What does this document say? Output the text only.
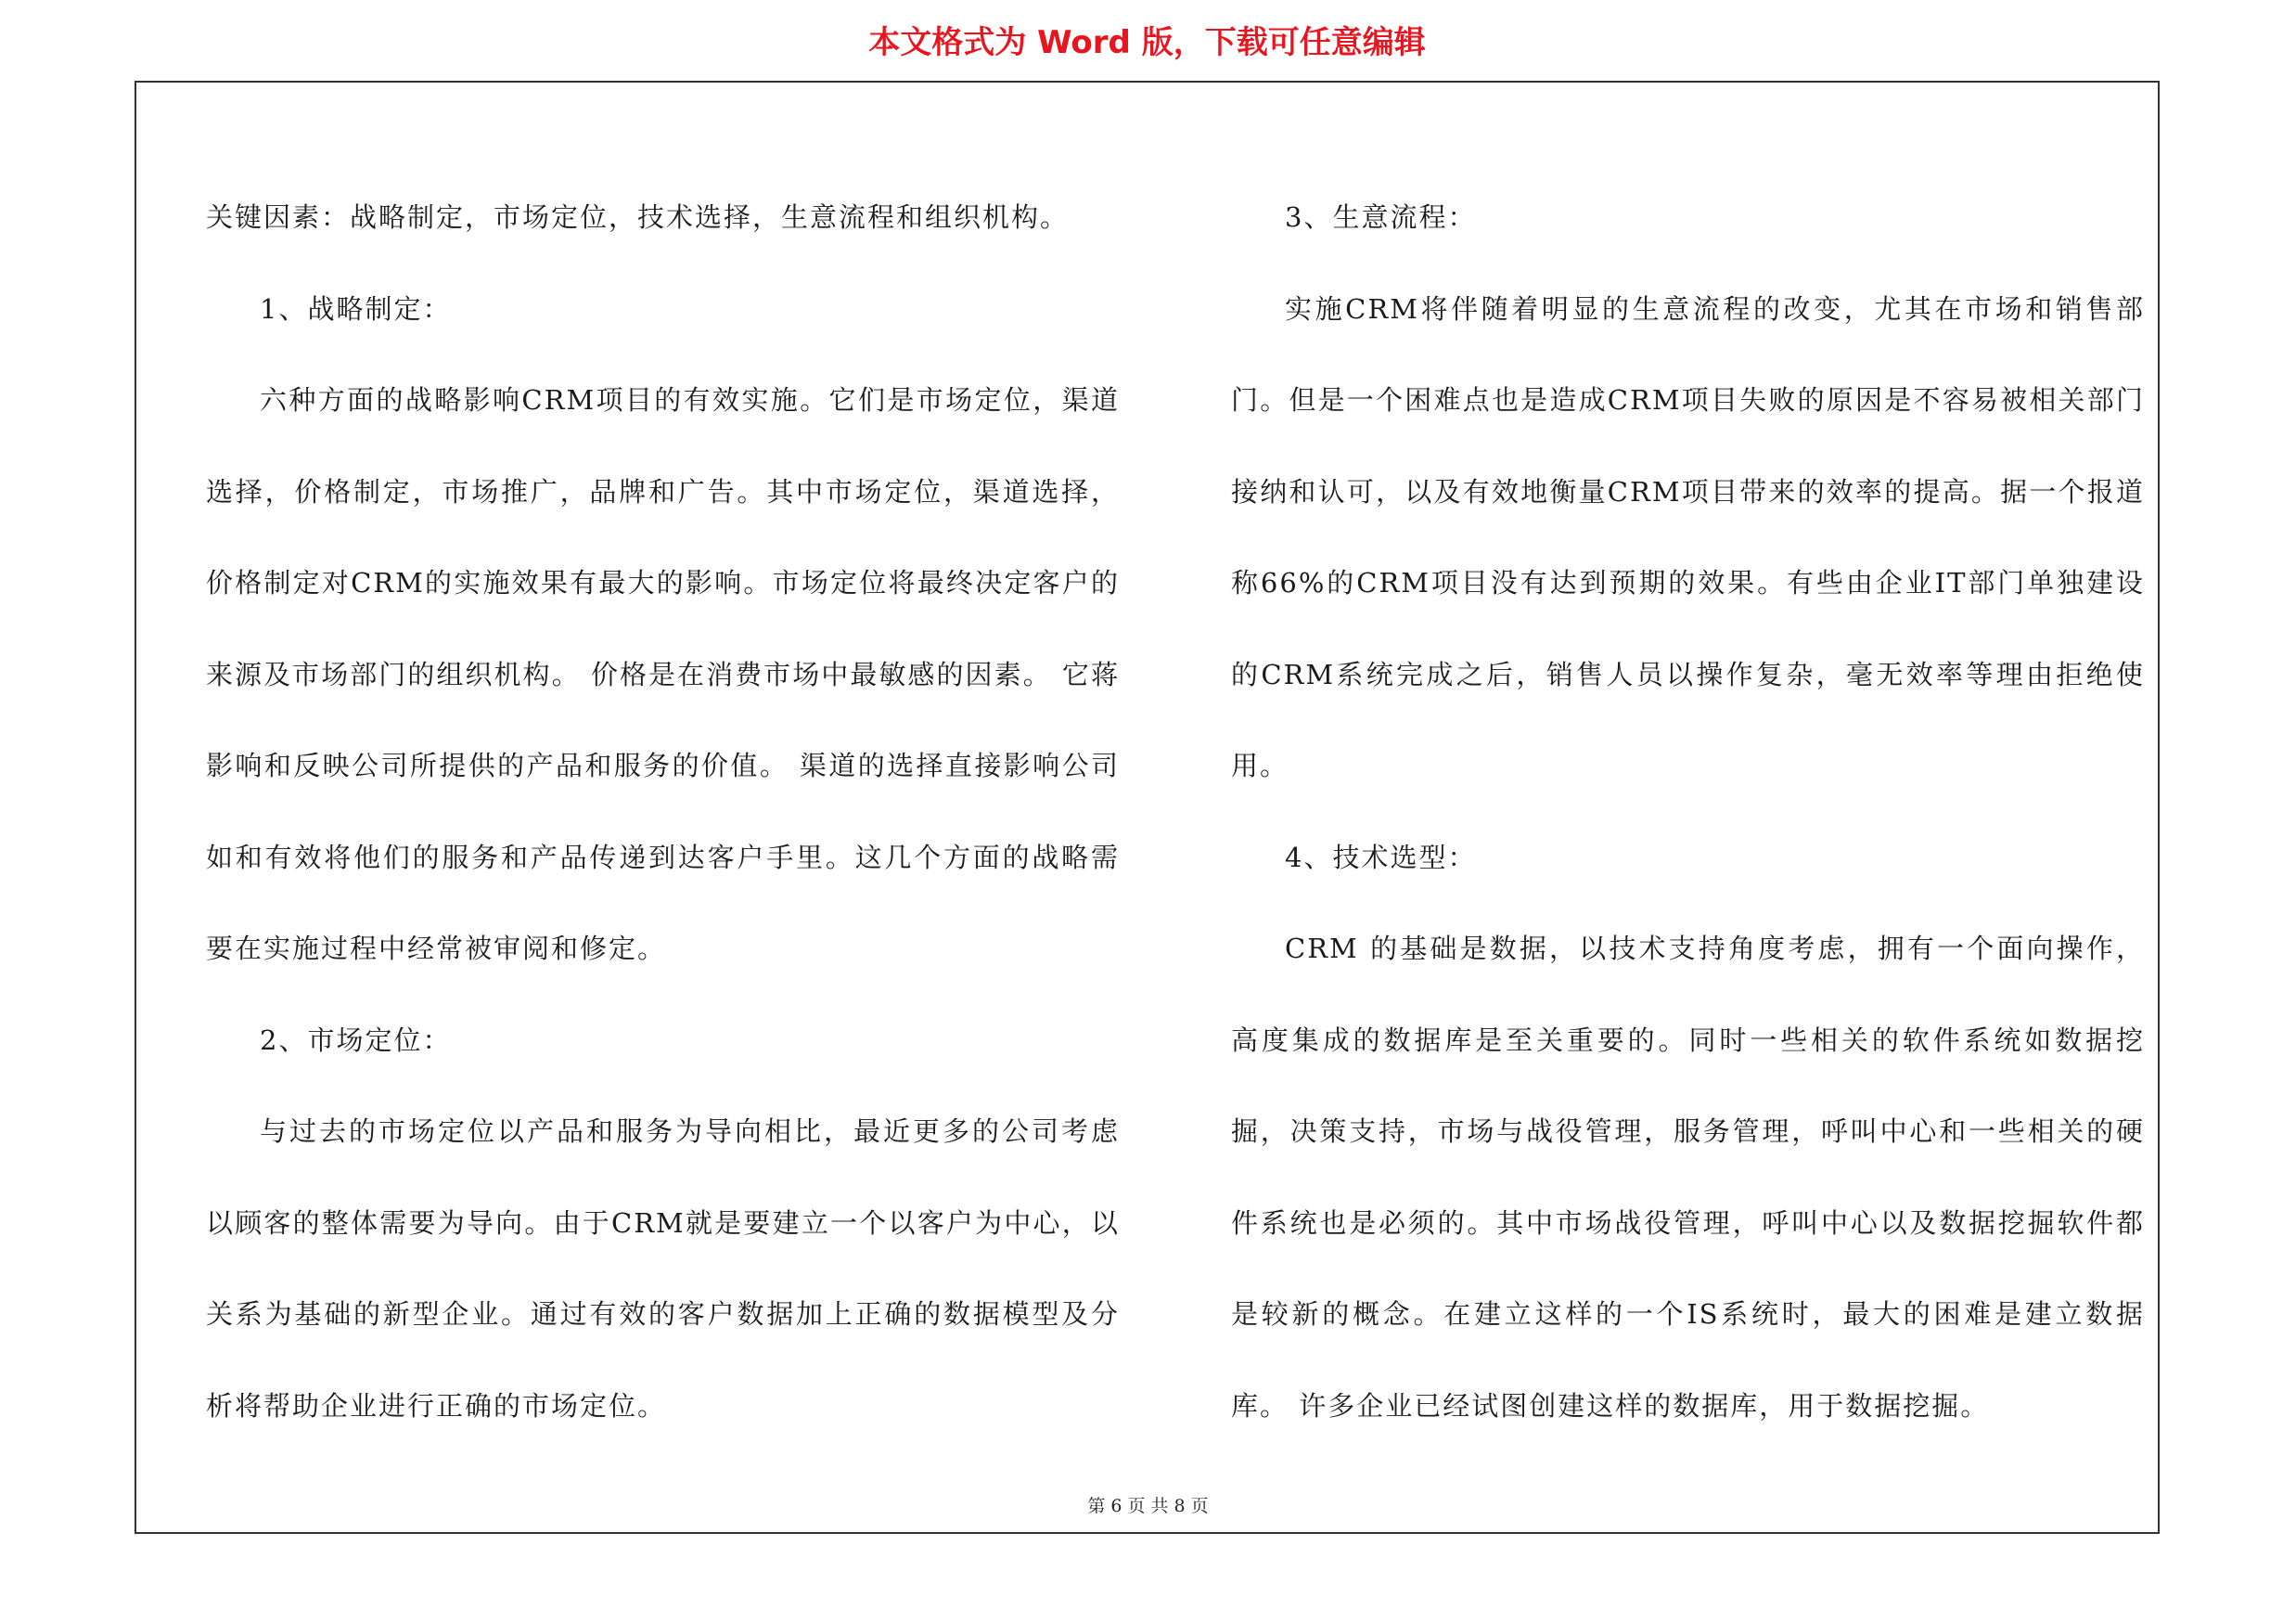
本文格式为 Word 版，下载可任意编辑

关键因素：战略制定，市场定位，技术选择，生意流程和组织机构。

1、战略制定：

六种方面的战略影响CRM项目的有效实施。它们是市场定位，渠道选择，价格制定，市场推广，品牌和广告。其中市场定位，渠道选择，价格制定对CRM的实施效果有最大的影响。市场定位将最终决定客户的来源及市场部门的组织机构。 价格是在消费市场中最敏感的因素。 它蒋影响和反映公司所提供的产品和服务的价值。 渠道的选择直接影响公司如和有效将他们的服务和产品传递到达客户手里。这几个方面的战略需要在实施过程中经常被审阅和修定。

2、市场定位：

与过去的市场定位以产品和服务为导向相比，最近更多的公司考虑以顾客的整体需要为导向。由于CRM就是要建立一个以客户为中心，以关系为基础的新型企业。通过有效的客户数据加上正确的数据模型及分析将帮助企业进行正确的市场定位。

3、生意流程：

实施CRM将伴随着明显的生意流程的改变，尤其在市场和销售部门。但是一个困难点也是造成CRM项目失败的原因是不容易被相关部门接纳和认可，以及有效地衡量CRM项目带来的效率的提高。据一个报道称66%的CRM项目没有达到预期的效果。有些由企业IT部门单独建设的CRM系统完成之后，销售人员以操作复杂，毫无效率等理由拒绝使用。

4、技术选型：

CRM 的基础是数据，以技术支持角度考虑，拥有一个面向操作，高度集成的数据库是至关重要的。同时一些相关的软件系统如数据挖掘，决策支持，市场与战役管理，服务管理，呼叫中心和一些相关的硬件系统也是必须的。其中市场战役管理，呼叫中心以及数据挖掘软件都是较新的概念。在建立这样的一个IS系统时，最大的困难是建立数据库。 许多企业已经试图创建这样的数据库，用于数据挖掘。

第 6 页 共 8 页
